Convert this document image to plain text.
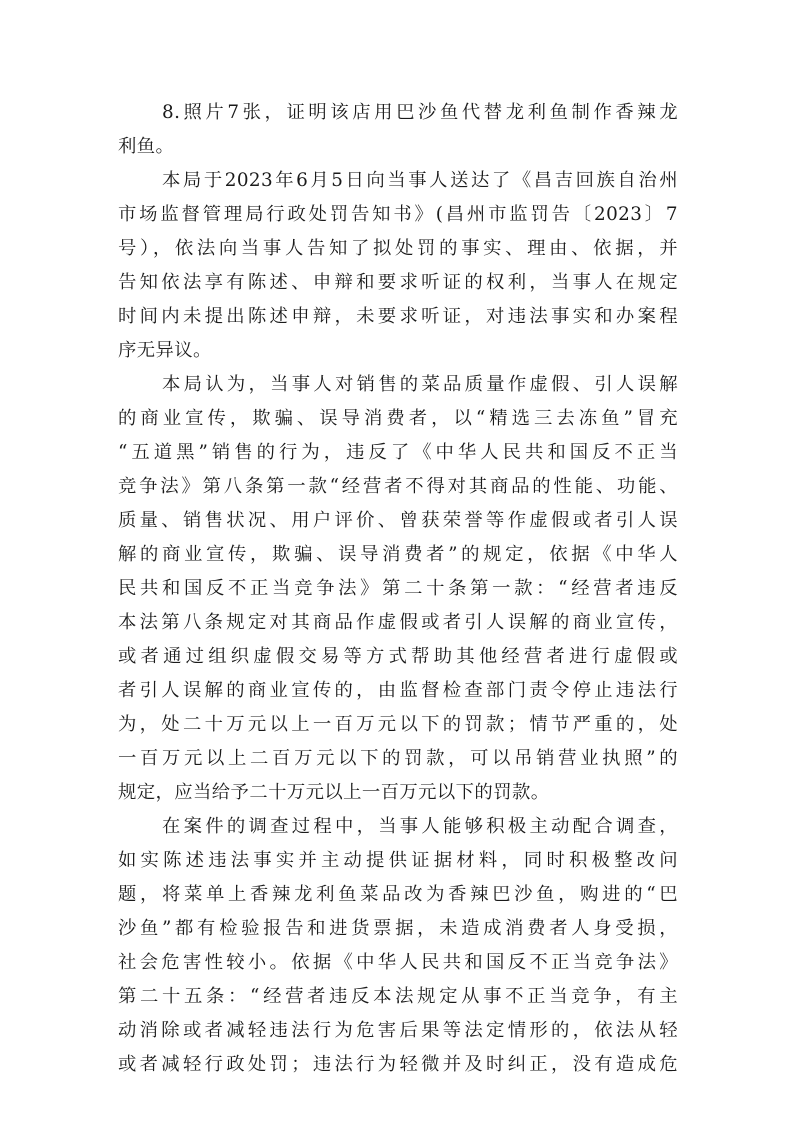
8.照片7张，证明该店用巴沙鱼代替龙利鱼制作香辣龙
利鱼。
本局于2023年6月5日向当事人送达了《昌吉回族自治州
市场监督管理局行政处罚告知书》(昌州市监罚告〔2023〕7
号），依法向当事人告知了拟处罚的事实、理由、依据，并
告知依法享有陈述、申辩和要求听证的权利，当事人在规定
时间内未提出陈述申辩，未要求听证，对违法事实和办案程
序无异议。
本局认为，当事人对销售的菜品质量作虚假、引人误解
的商业宣传，欺骗、误导消费者，以“精选三去冻鱼”冒充
“五道黑”销售的行为，违反了《中华人民共和国反不正当
竞争法》第八条第一款“经营者不得对其商品的性能、功能、
质量、销售状况、用户评价、曾获荣誉等作虚假或者引人误
解的商业宣传，欺骗、误导消费者”的规定，依据《中华人
民共和国反不正当竞争法》第二十条第一款：“经营者违反
本法第八条规定对其商品作虚假或者引人误解的商业宣传，
或者通过组织虚假交易等方式帮助其他经营者进行虚假或
者引人误解的商业宣传的，由监督检查部门责令停止违法行
为，处二十万元以上一百万元以下的罚款；情节严重的，处
一百万元以上二百万元以下的罚款，可以吊销营业执照”的
规定，应当给予二十万元以上一百万元以下的罚款。
在案件的调查过程中，当事人能够积极主动配合调查，
如实陈述违法事实并主动提供证据材料，同时积极整改问
题，将菜单上香辣龙利鱼菜品改为香辣巴沙鱼，购进的“巴
沙鱼”都有检验报告和进货票据，未造成消费者人身受损，
社会危害性较小。依据《中华人民共和国反不正当竞争法》
第二十五条：“经营者违反本法规定从事不正当竞争，有主
动消除或者减轻违法行为危害后果等法定情形的，依法从轻
或者减轻行政处罚；违法行为轻微并及时纠正，没有造成危
